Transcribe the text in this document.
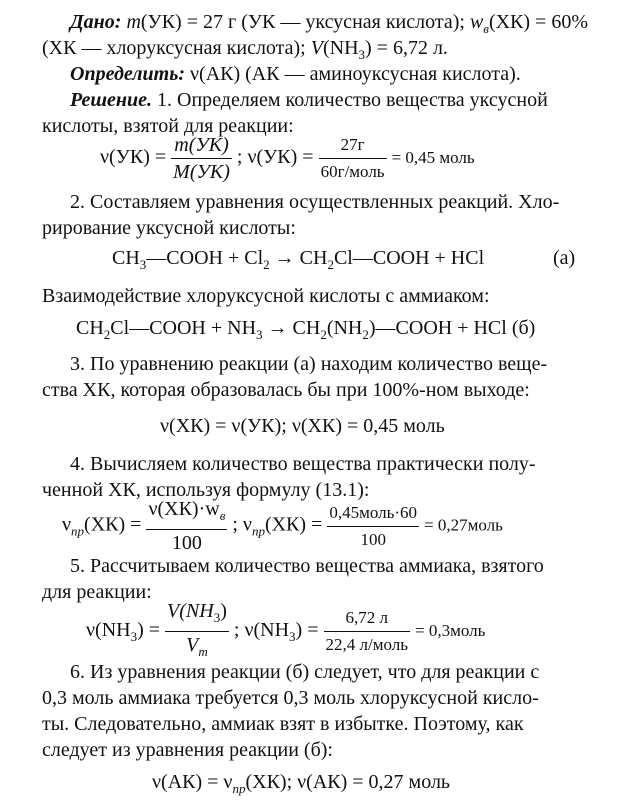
Дано: m(УК) = 27 г (УК — уксусная кислота); $w_в(ХК) = 60\%$
(ХК — хлоруксусная кислота); $V(NH_3) = 6,72$ л.
Определить: ν(АК) (АК — аминоуксусная кислота).
Решение. 1. Определяем количество вещества уксусной
кислоты, взятой для реакции:
$\nu(УК) = \frac{m(УК)}{M(УК)}$ ; $\nu(УК) = \frac{27г}{\text{60г/моль}} = 0,45$ моль
2. Составляем уравнения осуществленных реакций. Хло-
рирование уксусной кислоты:
$CH_3—COOH + Cl_2$ → $CH_2Cl—COOH$ + HCl	(a)
Взаимодействие хлоруксусной кислоты с аммиаком:
$CH_2Cl—COOH + NH_3$ → $CH_2(NH_2)—COOH$ + HCl (б)
3. По уравнению реакции (а) находим количество веще-
ства ХК, которая образовалась бы при 100%-ном выходе:
ν(ХК) = ν(УК); ν(ХК) = 0,45 моль
4. Вычисляем количество вещества практически полу-
ченной ХК, используя формулу (13.1):
$\nu_{пр}(ХК) = \frac{\nu(ХК)\cdot w_в}{100}$ ; $\nu_{пр}(ХК) = \frac{\text{0,45моль·60}}{100}$ = 0,27моль
5. Рассчитываем количество вещества аммиака, взятого
для реакции:
$\nu(NH_3) = \frac{V(NH_3)}{V_m}$ ; $\nu(NH_3) = \frac{6,72 л}{\text{22,4 л/моль}}$ = 0,3моль
6. Из уравнения реакции (б) следует, что для реакции с
0,3 моль аммиака требуется 0,3 моль хлоруксусной кисло-
ты. Следовательно, аммиак взят в избытке. Поэтому, как
следует из уравнения реакции (б):
$\nu(АК) = \nu_{пр}(ХК)$; ν(АК) = 0,27 моль
